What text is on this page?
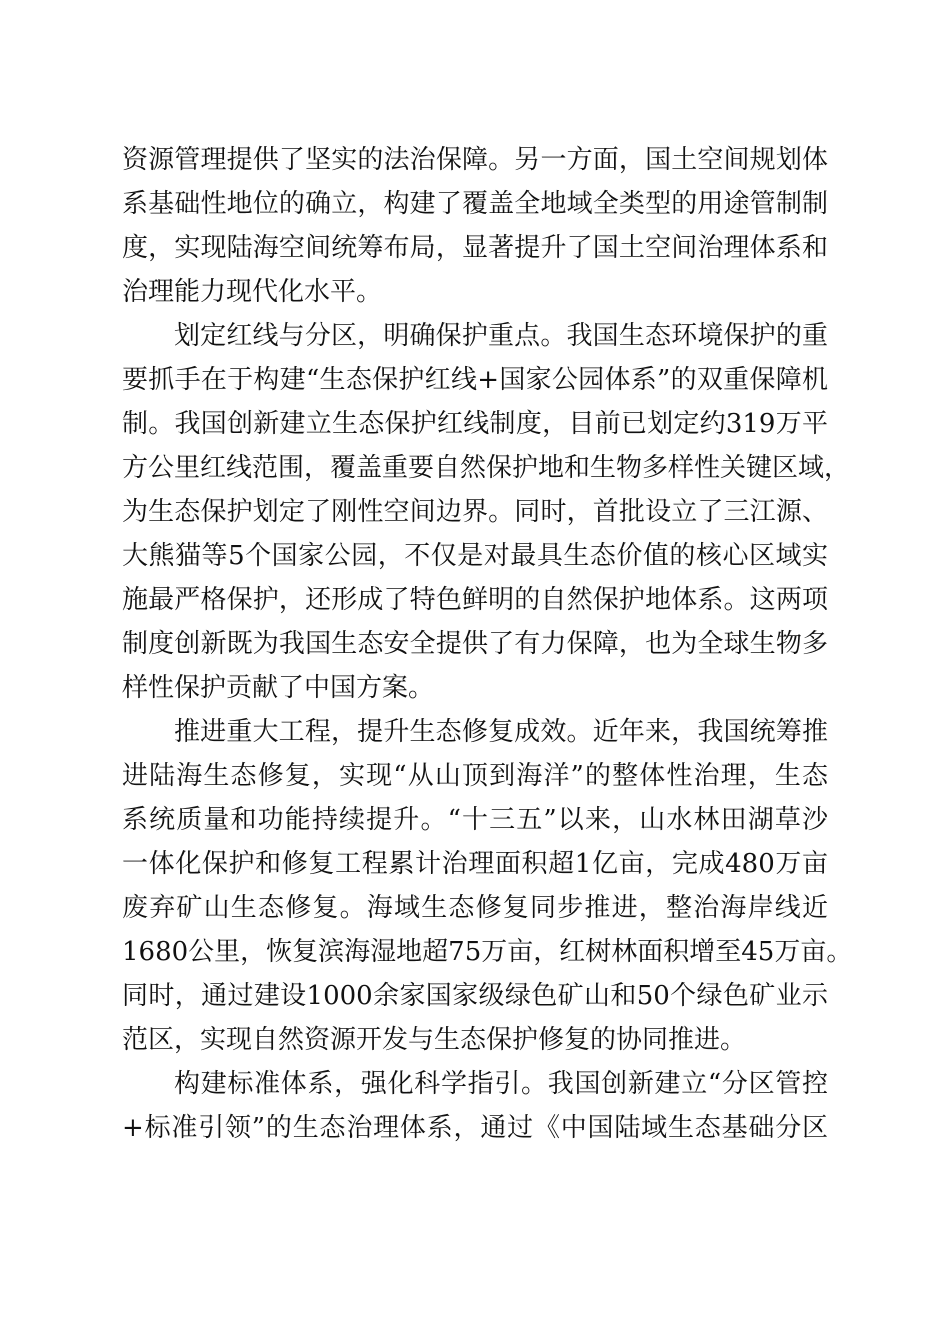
资源管理提供了坚实的法治保障。另一方面，国土空间规划体
系基础性地位的确立，构建了覆盖全地域全类型的用途管制制
度，实现陆海空间统筹布局，显著提升了国土空间治理体系和
治理能力现代化水平。
划定红线与分区，明确保护重点。我国生态环境保护的重
要抓手在于构建“生态保护红线+国家公园体系”的双重保障机
制。我国创新建立生态保护红线制度，目前已划定约319万平
方公里红线范围，覆盖重要自然保护地和生物多样性关键区域，
为生态保护划定了刚性空间边界。同时，首批设立了三江源、
大熊猫等5个国家公园，不仅是对最具生态价值的核心区域实
施最严格保护，还形成了特色鲜明的自然保护地体系。这两项
制度创新既为我国生态安全提供了有力保障，也为全球生物多
样性保护贡献了中国方案。
推进重大工程，提升生态修复成效。近年来，我国统筹推
进陆海生态修复，实现“从山顶到海洋”的整体性治理，生态
系统质量和功能持续提升。“十三五”以来，山水林田湖草沙
一体化保护和修复工程累计治理面积超1亿亩，完成480万亩
废弃矿山生态修复。海域生态修复同步推进，整治海岸线近
1680公里，恢复滨海湿地超75万亩，红树林面积增至45万亩。
同时，通过建设1000余家国家级绿色矿山和50个绿色矿业示
范区，实现自然资源开发与生态保护修复的协同推进。
构建标准体系，强化科学指引。我国创新建立“分区管控
+标准引领”的生态治理体系，通过《中国陆域生态基础分区
